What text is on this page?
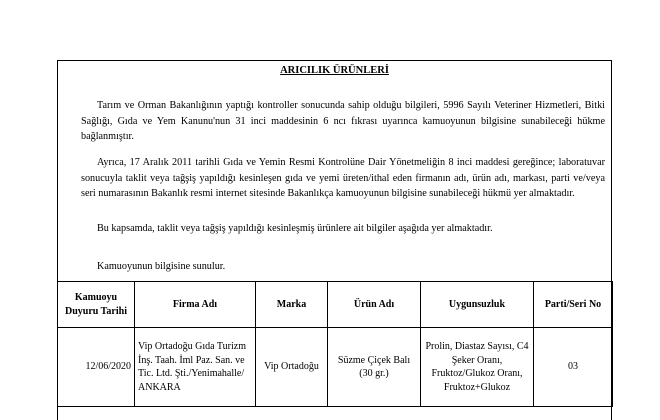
ARICILIK ÜRÜNLERİ

Tarım ve Orman Bakanlığının yaptığı kontroller sonucunda sahip olduğu bilgileri, 5996 Sayılı Veteriner Hizmetleri, Bitki Sağlığı, Gıda ve Yem Kanunu'nun 31 inci maddesinin 6 ncı fıkrası uyarınca kamuoyunun bilgisine sunabileceği hükme bağlanmıştır.

Ayrıca, 17 Aralık 2011 tarihli Gıda ve Yemin Resmi Kontrolüne Dair Yönetmeliğin 8 inci maddesi gereğince; laboratuvar sonucuyla taklit veya tağşiş yapıldığı kesinleşen gıda ve yemi üreten/ithal eden firmanın adı, ürün adı, markası, parti ve/veya seri numarasının Bakanlık resmi internet sitesinde Bakanlıkça kamuoyunun bilgisine sunabileceği hükmü yer almaktadır.

Bu kapsamda, taklit veya tağşiş yapıldığı kesinleşmiş ürünlere ait bilgiler aşağıda yer almaktadır.

Kamuoyunun bilgisine sunulur.

Kamuoyu Duyuru Tarihi	Firma Adı	Marka	Ürün Adı	Uygunsuzluk	Parti/Seri No
12/06/2020	Vip Ortadoğu Gıda Turizm İnş. Taah. İml Paz. San. ve Tic. Ltd. Şti./Yenimahalle/ ANKARA	Vip Ortadoğu	Süzme Çiçek Balı (30 gr.)	Prolin, Diastaz Sayısı, C4 Şeker Oranı, Fruktoz/Glukoz Oranı, Fruktoz+Glukoz	03
